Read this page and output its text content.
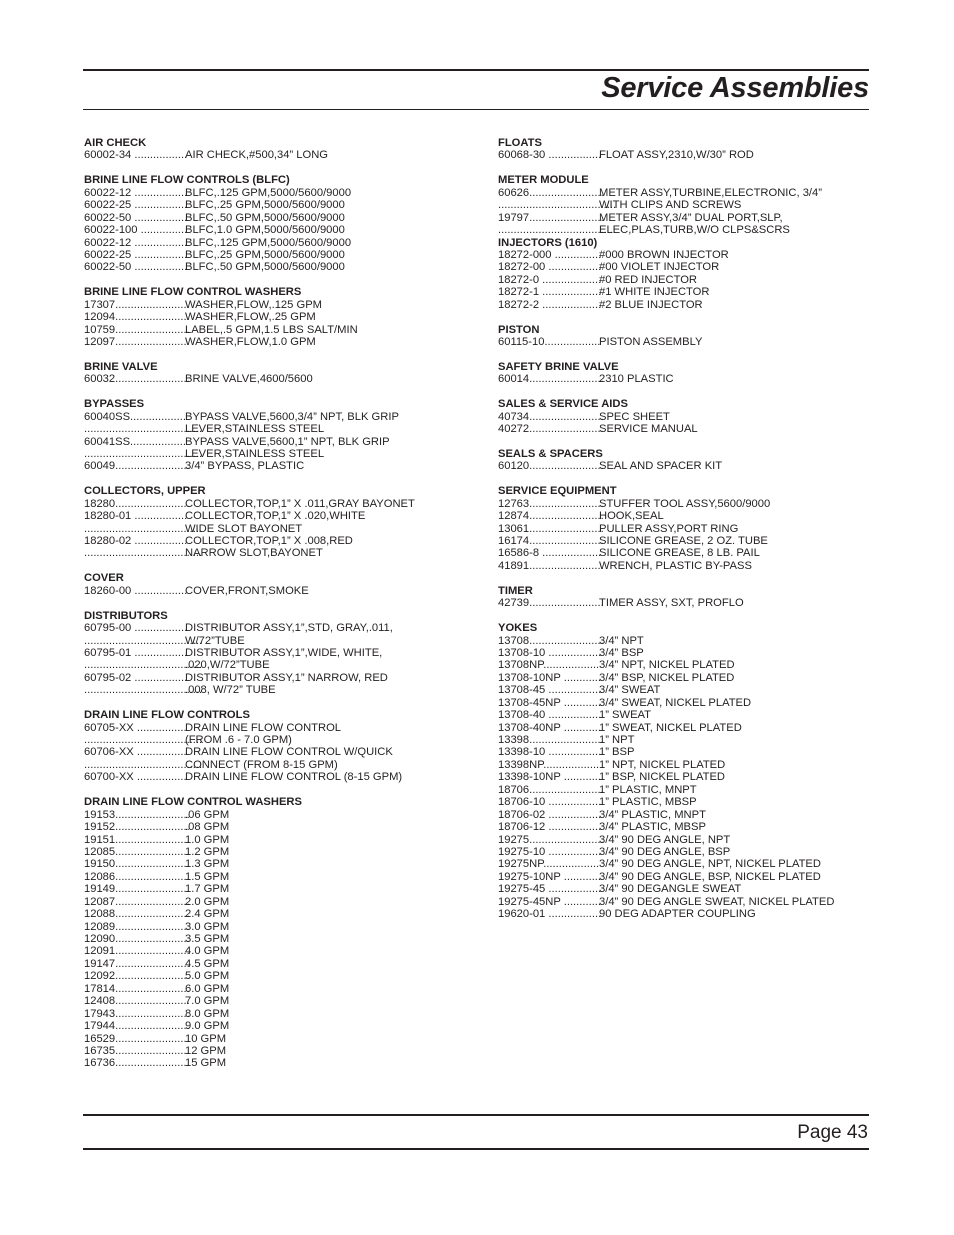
Service Assemblies
AIR CHECK
60002-34 .................
AIR CHECK,#500,34” LONG
BRINE LINE FLOW CONTROLS (BLFC)
60022-12 .................
BLFC,.125 GPM,5000/5600/9000
60022-25 .................
BLFC,.25 GPM,5000/5600/9000
60022-50 .................
BLFC,.50 GPM,5000/5600/9000
60022-100 ...............
BLFC,1.0 GPM,5000/5600/9000
60022-12 .................
BLFC,.125 GPM,5000/5600/9000
60022-25 .................
BLFC,.25 GPM,5000/5600/9000
60022-50 .................
BLFC,.50 GPM,5000/5600/9000
BRINE LINE FLOW CONTROL WASHERS
17307........................
WASHER,FLOW,.125 GPM
12094........................
WASHER,FLOW,.25 GPM
10759........................
LABEL,.5 GPM,1.5 LBS SALT/MIN
12097........................
WASHER,FLOW,1.0 GPM
BRINE VALVE
60032........................
BRINE VALVE,4600/5600
BYPASSES
60040SS.................. BYPASS VALVE,5600,3/4” NPT, BLK GRIP
......................................
LEVER,STAINLESS STEEL
60041SS.................. BYPASS VALVE,5600,1” NPT, BLK GRIP
......................................
LEVER,STAINLESS STEEL
60049........................
3/4” BYPASS, PLASTIC
COLLECTORS, UPPER
18280........................
COLLECTOR,TOP,1” X .011,GRAY BAYONET
18280-01 .................
COLLECTOR,TOP,1” X .020,WHITE
......................................
WIDE SLOT BAYONET
18280-02 .................
COLLECTOR,TOP,1” X .008,RED
......................................
NARROW SLOT,BAYONET
COVER
18260-00 .................
COVER,FRONT,SMOKE
DISTRIBUTORS
60795-00 .................
DISTRIBUTOR ASSY,1”,STD, GRAY,.011,
......................................
W/72”TUBE
60795-01 .................
DISTRIBUTOR ASSY,1”,WIDE, WHITE,
......................................
.020,W/72”TUBE
60795-02 .................
DISTRIBUTOR ASSY,1” NARROW, RED
......................................
.008, W/72” TUBE
DRAIN LINE FLOW CONTROLS
60705-XX ................
DRAIN LINE FLOW CONTROL
......................................
(FROM .6 - 7.0 GPM)
60706-XX ................
DRAIN LINE FLOW CONTROL W/QUICK
......................................
CONNECT (FROM 8-15 GPM)
60700-XX ................
DRAIN LINE FLOW CONTROL (8-15 GPM)
DRAIN LINE FLOW CONTROL WASHERS
19153........................
.06 GPM
19152........................
.08 GPM
19151........................
1.0 GPM
12085........................
1.2 GPM
19150........................
1.3 GPM
12086........................
1.5 GPM
19149........................
1.7 GPM
12087........................
2.0 GPM
12088........................
2.4 GPM
12089........................
3.0 GPM
12090........................
3.5 GPM
12091........................
4.0 GPM
19147........................
4.5 GPM
12092........................
5.0 GPM
17814........................
6.0 GPM
12408........................
7.0 GPM
17943........................
8.0 GPM
17944........................
9.0 GPM
16529........................
10 GPM
16735........................
12 GPM
16736........................
15 GPM
FLOATS
60068-30 .................
FLOAT ASSY,2310,W/30” ROD
METER MODULE
60626........................
METER ASSY,TURBINE,ELECTRONIC, 3/4”
......................................
WITH CLIPS AND SCREWS
19797........................
METER ASSY,3/4” DUAL PORT,SLP,
......................................
ELEC,PLAS,TURB,W/O CLPS&SCRS
INJECTORS (1610)
18272-000 ...............
#000 BROWN INJECTOR
18272-00 .................
#00 VIOLET INJECTOR
18272-0 ...................
#0 RED INJECTOR
18272-1 ...................
#1 WHITE INJECTOR
18272-2 ...................
#2 BLUE INJECTOR
PISTON
60115-10..................
PISTON ASSEMBLY
SAFETY BRINE VALVE
60014........................
2310 PLASTIC
SALES & SERVICE AIDS
40734........................
SPEC SHEET
40272........................
SERVICE MANUAL
SEALS & SPACERS
60120........................
SEAL AND SPACER KIT
SERVICE EQUIPMENT
12763........................
STUFFER TOOL ASSY,5600/9000
12874........................
HOOK,SEAL
13061........................
PULLER ASSY,PORT RING
16174........................
SILICONE GREASE, 2 OZ. TUBE
16586-8 ...................
SILICONE GREASE, 8 LB. PAIL
41891........................
WRENCH, PLASTIC BY-PASS
TIMER
42739........................
TIMER ASSY, SXT, PROFLO
YOKES
13708........................
3/4” NPT
13708-10 .................
3/4” BSP
13708NP.................. 3/4” NPT, NICKEL PLATED
13708-10NP ............
3/4” BSP, NICKEL PLATED
13708-45 .................
3/4” SWEAT
13708-45NP ............
3/4” SWEAT, NICKEL PLATED
13708-40 .................
1” SWEAT
13708-40NP ............
1” SWEAT, NICKEL PLATED
13398........................
1” NPT
13398-10 .................
1” BSP
13398NP.................. 1” NPT, NICKEL PLATED
13398-10NP ............
1” BSP, NICKEL PLATED
18706........................
1” PLASTIC, MNPT
18706-10 .................
1” PLASTIC, MBSP
18706-02 .................
3/4” PLASTIC, MNPT
18706-12 .................
3/4” PLASTIC, MBSP
19275........................
3/4” 90 DEG ANGLE, NPT
19275-10 .................
3/4” 90 DEG ANGLE, BSP
19275NP.................. 3/4” 90 DEG ANGLE, NPT, NICKEL PLATED
19275-10NP ............
3/4” 90 DEG ANGLE, BSP, NICKEL PLATED
19275-45 .................
3/4” 90 DEGANGLE SWEAT
19275-45NP ............
3/4” 90 DEG ANGLE SWEAT, NICKEL PLATED
19620-01 .................
90 DEG ADAPTER COUPLING
Page 43
